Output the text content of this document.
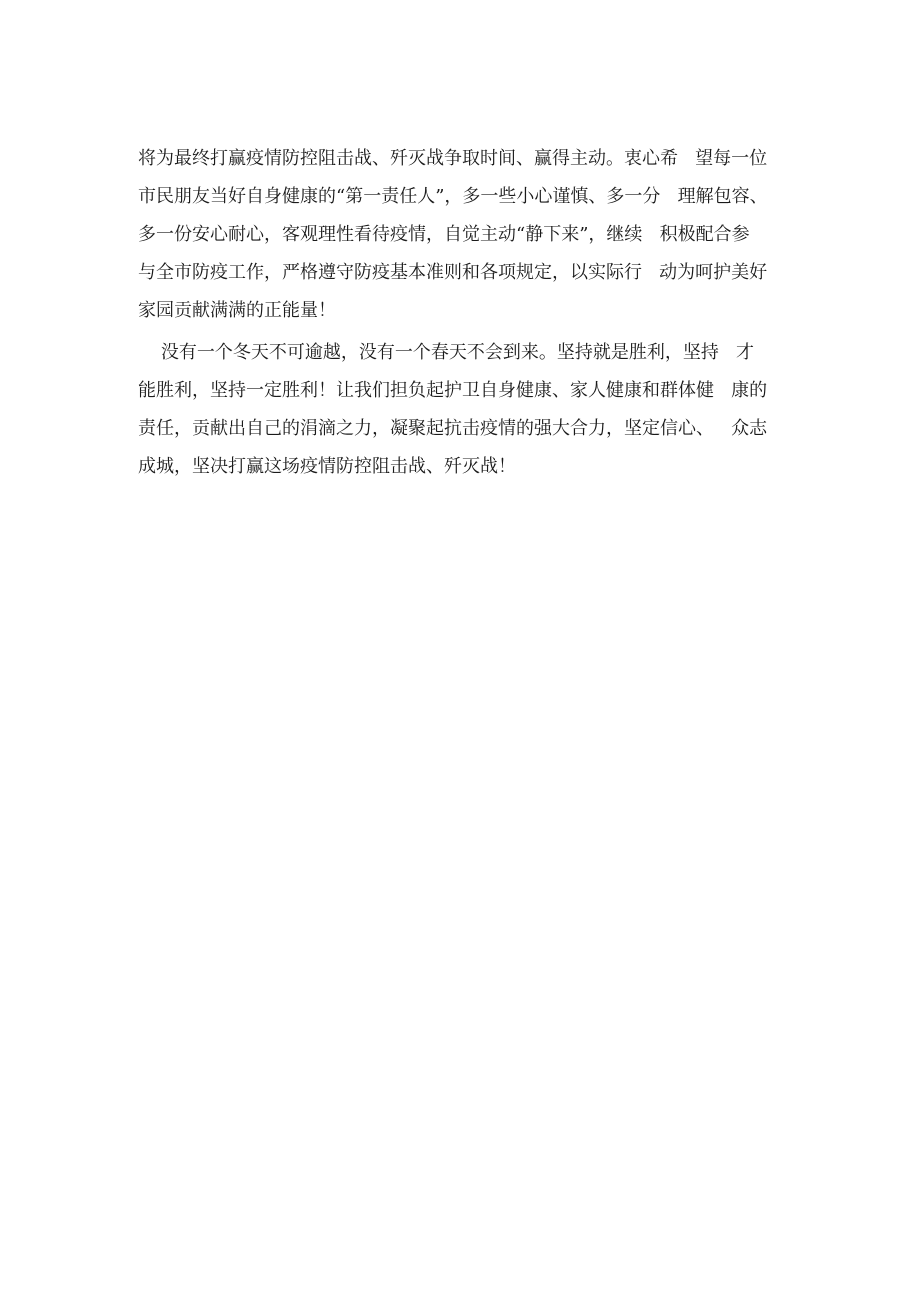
将为最终打赢疫情防控阻击战、歼灭战争取时间、赢得主动。衷心希   望每一位
市民朋友当好自身健康的“第一责任人”，多一些小心谨慎、多一分   理解包容、
多一份安心耐心，客观理性看待疫情，自觉主动“静下来”，继续   积极配合参
与全市防疫工作，严格遵守防疫基本准则和各项规定，以实际行   动为呵护美好
家园贡献满满的正能量！
没有一个冬天不可逾越，没有一个春天不会到来。坚持就是胜利，坚持   才
能胜利，坚持一定胜利！让我们担负起护卫自身健康、家人健康和群体健   康的
责任，贡献出自己的涓滴之力，凝聚起抗击疫情的强大合力，坚定信心、   众志
成城，坚决打赢这场疫情防控阻击战、歼灭战！
